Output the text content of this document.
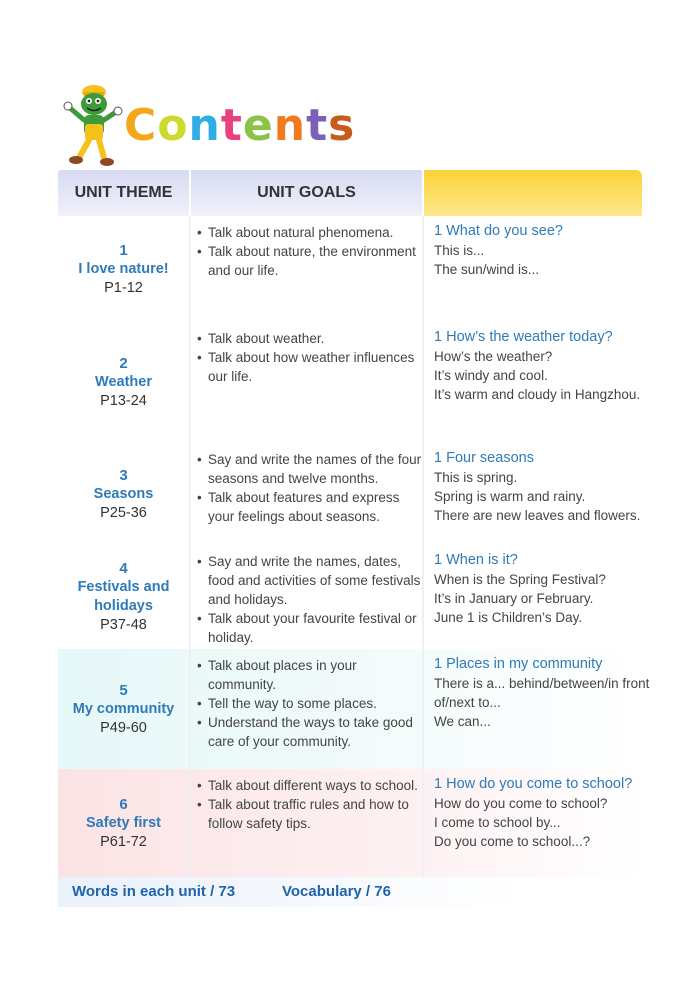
C o n t e n t s
UNIT THEME	UNIT GOALS
1
I love nature!
P1-12
• Talk about natural phenomena.
• Talk about nature, the environment and our life.
1 What do you see?
This is...
The sun/wind is...
2
Weather
P13-24
• Talk about weather.
• Talk about how weather influences our life.
1 How’s the weather today?
How’s the weather?
It’s windy and cool.
It’s warm and cloudy in Hangzhou.
3
Seasons
P25-36
• Say and write the names of the four seasons and twelve months.
• Talk about features and express your feelings about seasons.
1 Four seasons
This is spring.
Spring is warm and rainy.
There are new leaves and flowers.
4
Festivals and holidays
P37-48
• Say and write the names, dates, food and activities of some festivals and holidays.
• Talk about your favourite festival or holiday.
1 When is it?
When is the Spring Festival?
It’s in January or February.
June 1 is Children’s Day.
5
My community
P49-60
• Talk about places in your community.
• Tell the way to some places.
• Understand the ways to take good care of your community.
1 Places in my community
There is a... behind/between/in front of/next to...
We can...
6
Safety first
P61-72
• Talk about different ways to school.
• Talk about traffic rules and how to follow safety tips.
1 How do you come to school?
How do you come to school?
I come to school by...
Do you come to school...?
Words in each unit / 73	Vocabulary / 76
